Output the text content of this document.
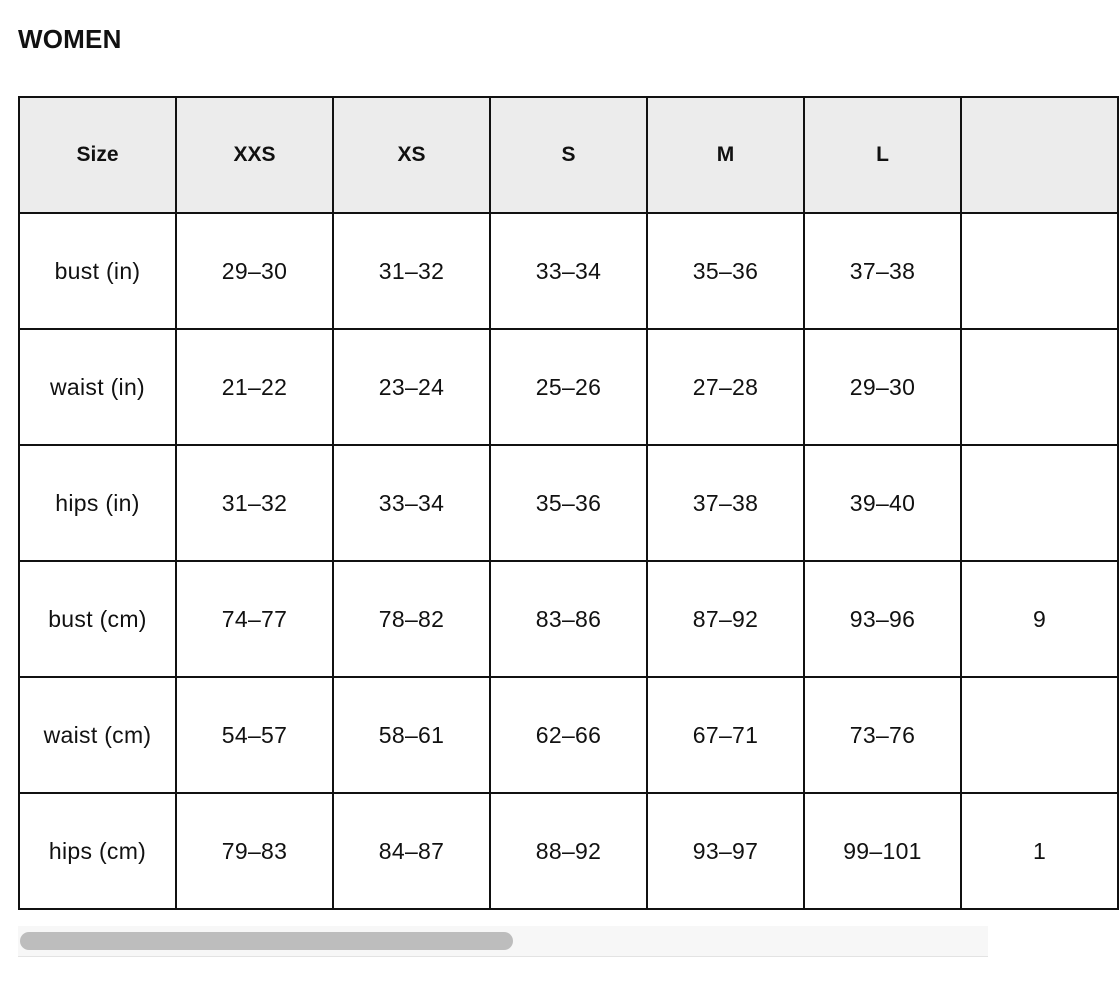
WOMEN
Size	XXS	XS	S	M	L	
bust (in)	29–30	31–32	33–34	35–36	37–38	
waist (in)	21–22	23–24	25–26	27–28	29–30	
hips (in)	31–32	33–34	35–36	37–38	39–40	
bust (cm)	74–77	78–82	83–86	87–92	93–96	9
waist (cm)	54–57	58–61	62–66	67–71	73–76	
hips (cm)	79–83	84–87	88–92	93–97	99–101	1
